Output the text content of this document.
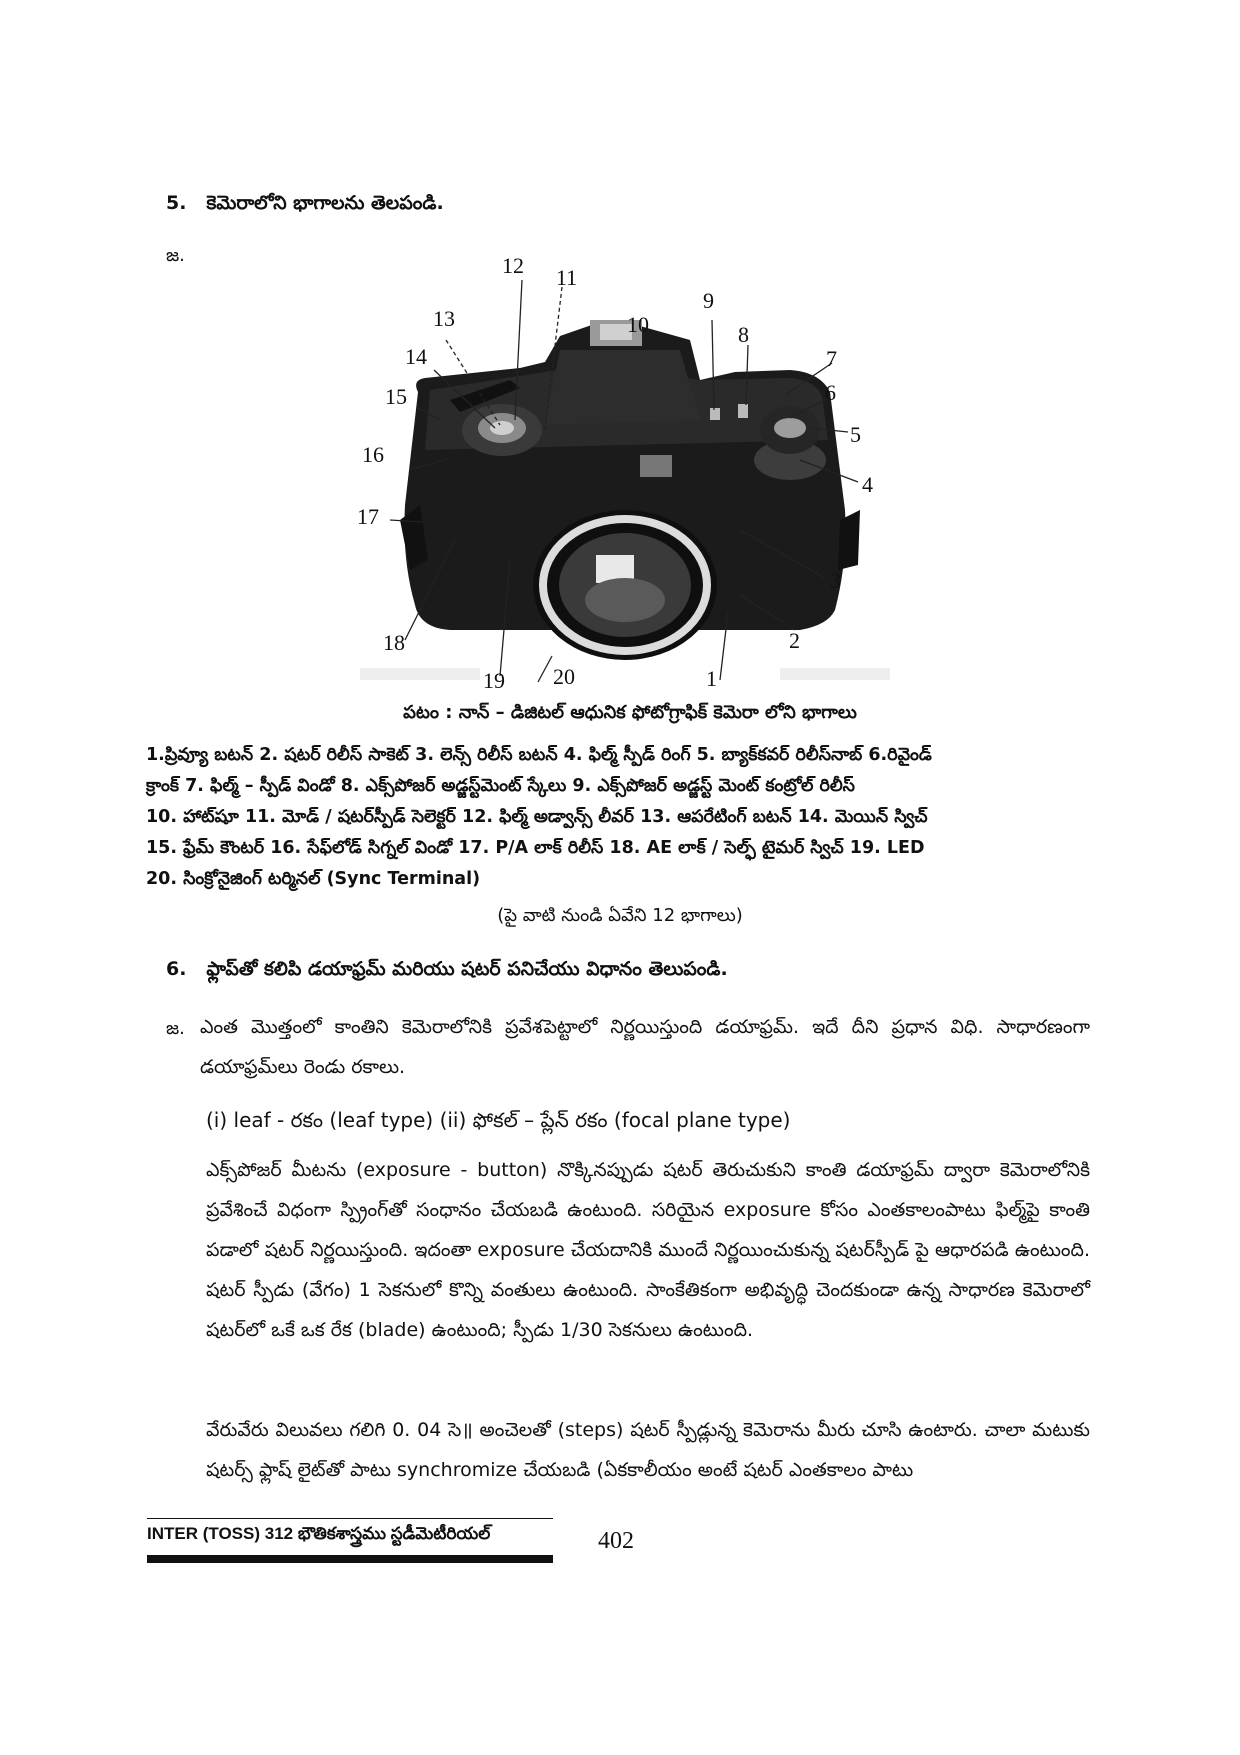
5. కెమెరాలోని భాగాలను తెలపండి.
జ.
1
2
3
4
5
6
7
8
9
10
11
12
13
14
15
16
17
18
19 20
పటం : నాన్ – డిజిటల్ ఆధునిక ఫోటోగ్రాఫిక్ కెమెరా లోని భాగాలు
1.ప్రివ్యూ బటన్ 2. షటర్ రిలీస్ సాకెట్ 3. లెన్స్ రిలీస్ బటన్ 4. ఫిల్మ్ స్పీడ్ రింగ్ 5. బ్యాక్‌కవర్ రిలీస్‌నాబ్ 6.రివైండ్
క్రాంక్ 7. ఫిల్మ్ – స్పీడ్ విండో 8. ఎక్స్‌పోజర్ అడ్జస్ట్‌మెంట్ స్కేలు 9. ఎక్స్‌పోజర్ అడ్జస్ట్ మెంట్ కంట్రోల్ రిలీస్
10. హాట్‌షూ 11. మోడ్ / షటర్‌స్పీడ్ సెలెక్టర్ 12. ఫిల్మ్ అడ్వాన్స్ లీవర్ 13. ఆపరేటింగ్ బటన్ 14. మెయిన్ స్విచ్
15. ఫ్రేమ్ కౌంటర్ 16. సేఫ్‌లోడ్ సిగ్నల్ విండో 17. P/A లాక్ రిలీస్ 18. AE లాక్ / సెల్ఫ్ టైమర్ స్విచ్ 19. LED
20. సింక్రోనైజింగ్ టర్మినల్ (Sync Terminal)
(పై వాటి నుండి ఏవేని 12 భాగాలు)
6. ఫ్లాప్‌తో కలిపి డయాఫ్రమ్ మరియు షటర్ పనిచేయు విధానం తెలుపండి.
జ. ఎంత మొత్తంలో కాంతిని కెమెరాలోనికి ప్రవేశపెట్టాలో నిర్ణయిస్తుంది డయాఫ్రమ్. ఇదే దీని ప్రధాన విధి. సాధారణంగా డయాఫ్రమ్‌లు రెండు రకాలు.
(i) leaf - రకం (leaf type) (ii) ఫోకల్ – ప్లేన్ రకం (focal plane type)
ఎక్స్‌పోజర్ మీటను (exposure - button) నొక్కినప్పుడు షటర్ తెరుచుకుని కాంతి డయాఫ్రమ్ ద్వారా కెమెరాలోనికి ప్రవేశించే విధంగా స్ప్రింగ్‌తో సంధానం చేయబడి ఉంటుంది. సరియైన exposure కోసం ఎంతకాలంపాటు ఫిల్మ్‌పై కాంతి పడాలో షటర్ నిర్ణయిస్తుంది. ఇదంతా exposure చేయదానికి ముందే నిర్ణయించుకున్న షటర్‌స్పీడ్ పై ఆధారపడి ఉంటుంది. షటర్ స్పీడు (వేగం) 1 సెకనులో కొన్ని వంతులు ఉంటుంది. సాంకేతికంగా అభివృద్ధి చెందకుండా ఉన్న సాధారణ కెమెరాలో షటర్‌లో ఒకే ఒక రేక (blade) ఉంటుంది; స్పీడు 1/30 సెకనులు ఉంటుంది.
వేరువేరు విలువలు గలిగి 0. 04 సె॥ అంచెలతో (steps) షటర్ స్పీడ్లున్న కెమెరాను మీరు చూసి ఉంటారు. చాలా మటుకు షటర్స్ ఫ్లాష్ లైట్‌తో పాటు synchromize చేయబడి (ఏకకాలీయం అంటే షటర్ ఎంతకాలం పాటు
INTER (TOSS) 312 భౌతికశాస్త్రము స్టడీమెటీరియల్	402
